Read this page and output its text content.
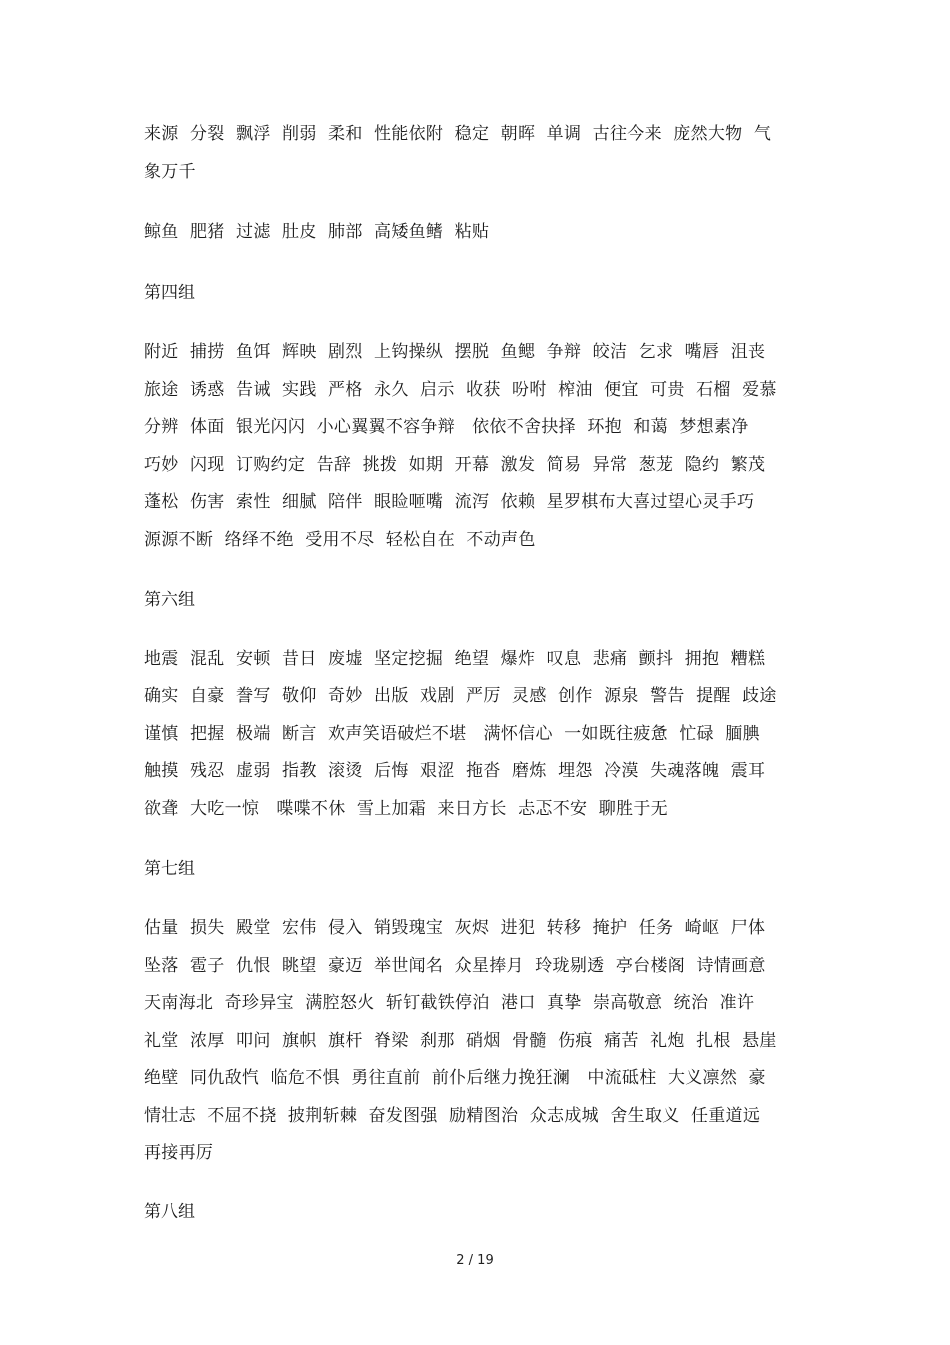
来源  分裂  飘浮  削弱  柔和  性能依附  稳定  朝晖  单调  古往今来  庞然大物  气
象万千
鲸鱼  肥猪  过滤  肚皮  肺部  高矮鱼鳍  粘贴
第四组
附近  捕捞  鱼饵  辉映  剧烈  上钩操纵  摆脱  鱼鳃  争辩  皎洁  乞求  嘴唇  沮丧
旅途  诱惑  告诫  实践  严格  永久  启示  收获  吩咐  榨油  便宜  可贵  石榴  爱慕
分辨  体面  银光闪闪  小心翼翼不容争辩   依依不舍抉择  环抱  和蔼  梦想素净
巧妙  闪现  订购约定  告辞  挑拨  如期  开幕  激发  简易  异常  葱茏  隐约  繁茂
蓬松  伤害  索性  细腻  陪伴  眼睑咂嘴  流泻  依赖  星罗棋布大喜过望心灵手巧
源源不断  络绎不绝  受用不尽  轻松自在  不动声色
第六组
地震  混乱  安顿  昔日  废墟  坚定挖掘  绝望  爆炸  叹息  悲痛  颤抖  拥抱  糟糕
确实  自豪  誊写  敬仰  奇妙  出版  戏剧  严厉  灵感  创作  源泉  警告  提醒  歧途
谨慎  把握  极端  断言  欢声笑语破烂不堪   满怀信心  一如既往疲惫  忙碌  腼腆
触摸  残忍  虚弱  指教  滚烫  后悔  艰涩  拖沓  磨炼  埋怨  冷漠  失魂落魄  震耳
欲聋  大吃一惊   喋喋不休  雪上加霜  来日方长  忐忑不安  聊胜于无
第七组
估量  损失  殿堂  宏伟  侵入  销毁瑰宝  灰烬  进犯  转移  掩护  任务  崎岖  尸体
坠落  雹子  仇恨  眺望  豪迈  举世闻名  众星捧月  玲珑剔透  亭台楼阁  诗情画意
天南海北  奇珍异宝  满腔怒火  斩钉截铁停泊  港口  真挚  崇高敬意  统治  准许
礼堂  浓厚  叩问  旗帜  旗杆  脊梁  刹那  硝烟  骨髓  伤痕  痛苦  礼炮  扎根  悬崖
绝壁  同仇敌忾  临危不惧  勇往直前  前仆后继力挽狂澜   中流砥柱  大义凛然  豪
情壮志  不屈不挠  披荆斩棘  奋发图强  励精图治  众志成城  舍生取义  任重道远
再接再厉
第八组
2 / 19
